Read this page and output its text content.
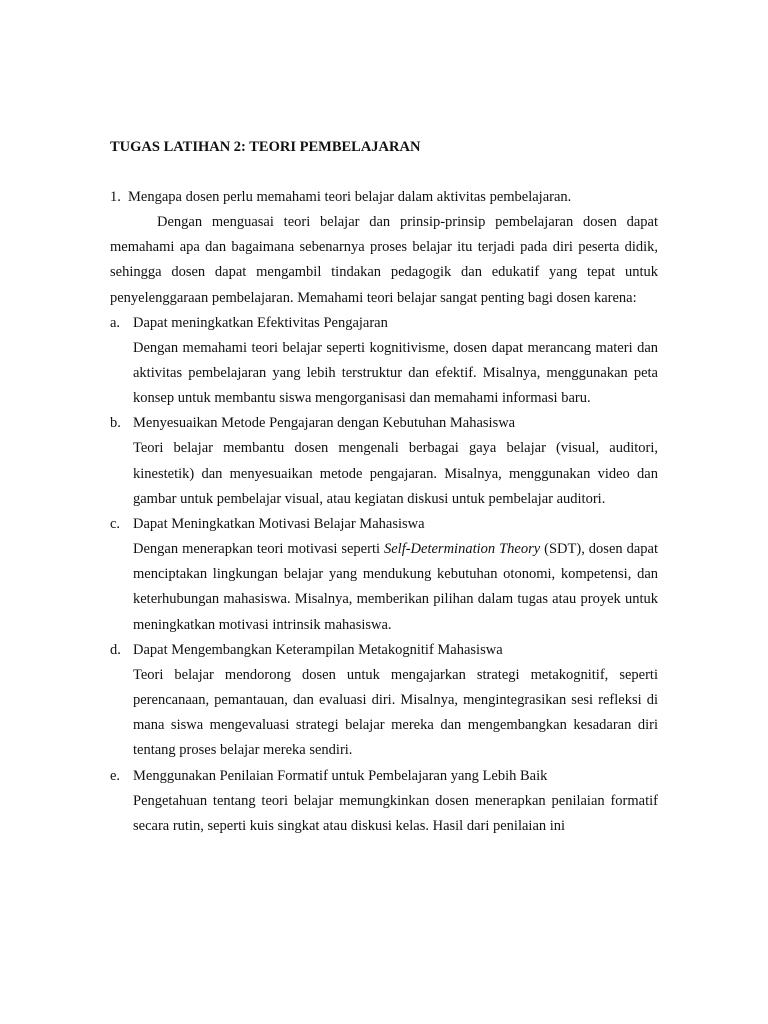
TUGAS LATIHAN 2: TEORI PEMBELAJARAN
1. Mengapa dosen perlu memahami teori belajar dalam aktivitas pembelajaran.

Dengan menguasai teori belajar dan prinsip-prinsip pembelajaran dosen dapat memahami apa dan bagaimana sebenarnya proses belajar itu terjadi pada diri peserta didik, sehingga dosen dapat mengambil tindakan pedagogik dan edukatif yang tepat untuk penyelenggaraan pembelajaran. Memahami teori belajar sangat penting bagi dosen karena:

a. Dapat meningkatkan Efektivitas Pengajaran
Dengan memahami teori belajar seperti kognitivisme, dosen dapat merancang materi dan aktivitas pembelajaran yang lebih terstruktur dan efektif. Misalnya, menggunakan peta konsep untuk membantu siswa mengorganisasi dan memahami informasi baru.
b. Menyesuaikan Metode Pengajaran dengan Kebutuhan Mahasiswa
Teori belajar membantu dosen mengenali berbagai gaya belajar (visual, auditori, kinestetik) dan menyesuaikan metode pengajaran. Misalnya, menggunakan video dan gambar untuk pembelajar visual, atau kegiatan diskusi untuk pembelajar auditori.
c. Dapat Meningkatkan Motivasi Belajar Mahasiswa
Dengan menerapkan teori motivasi seperti Self-Determination Theory (SDT), dosen dapat menciptakan lingkungan belajar yang mendukung kebutuhan otonomi, kompetensi, dan keterhubungan mahasiswa. Misalnya, memberikan pilihan dalam tugas atau proyek untuk meningkatkan motivasi intrinsik mahasiswa.
d. Dapat Mengembangkan Keterampilan Metakognitif Mahasiswa
Teori belajar mendorong dosen untuk mengajarkan strategi metakognitif, seperti perencanaan, pemantauan, dan evaluasi diri. Misalnya, mengintegrasikan sesi refleksi di mana siswa mengevaluasi strategi belajar mereka dan mengembangkan kesadaran diri tentang proses belajar mereka sendiri.
e. Menggunakan Penilaian Formatif untuk Pembelajaran yang Lebih Baik
Pengetahuan tentang teori belajar memungkinkan dosen menerapkan penilaian formatif secara rutin, seperti kuis singkat atau diskusi kelas. Hasil dari penilaian ini
